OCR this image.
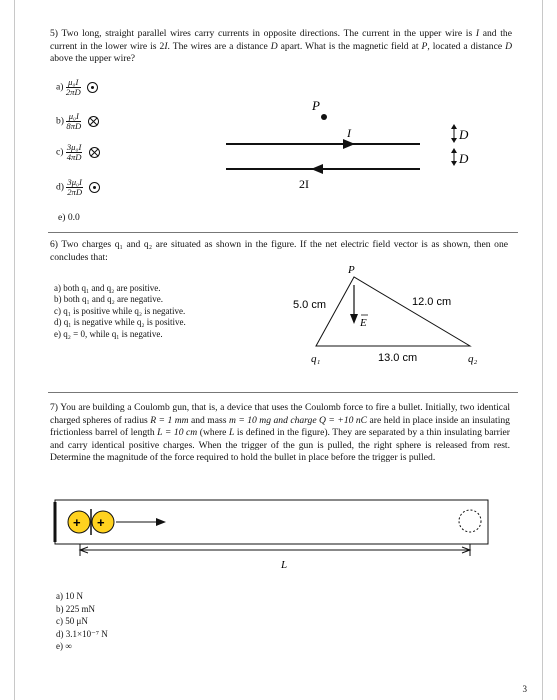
5) Two long, straight parallel wires carry currents in opposite directions. The current in the upper wire is I and the current in the lower wire is 2I. The wires are a distance D apart. What is the magnetic field at P, located a distance D above the upper wire?
$a) \frac{\text{μ₀I}}{2\pi D}$

$b) \frac{\text{μ₀I}}{8\pi D}$

$c) \frac{\text{3μ₀I}}{4\pi D}$

$d) \frac{\text{3μ₀I}}{2\pi D}$

e) 0.0
P
I
2I
D
D
6) Two charges q₁ and q₂ are situated as shown in the figure. If the net electric field vector is as shown, then one concludes that:
a) both q₁ and q₂ are positive.
b) both q₁ and q₂ are negative.
c) q₁ is positive while q₂ is negative.
d) q₁ is negative while q₂ is positive.
e) q₂ = 0, while q₁ is negative.
P
5.0 cm	12.0 cm
13.0 cm
E
q₁	q₂
7) You are building a Coulomb gun, that is, a device that uses the Coulomb force to fire a bullet. Initially, two identical charged spheres of radius R = 1 mm and mass m = 10 mg and charge Q = +10 nC are held in place inside an insulating frictionless barrel of length L = 10 cm (where L is defined in the figure). They are separated by a thin insulating barrier and carry identical positive charges. When the trigger of the gun is pulled, the right sphere is released from rest. Determine the magnitude of the force required to hold the bullet in place before the trigger is pulled.
+ +
L
a) 10 N
b) 225 mN
c) 50 μN
d) 3.1×10⁻⁷ N
e) ∞
3
